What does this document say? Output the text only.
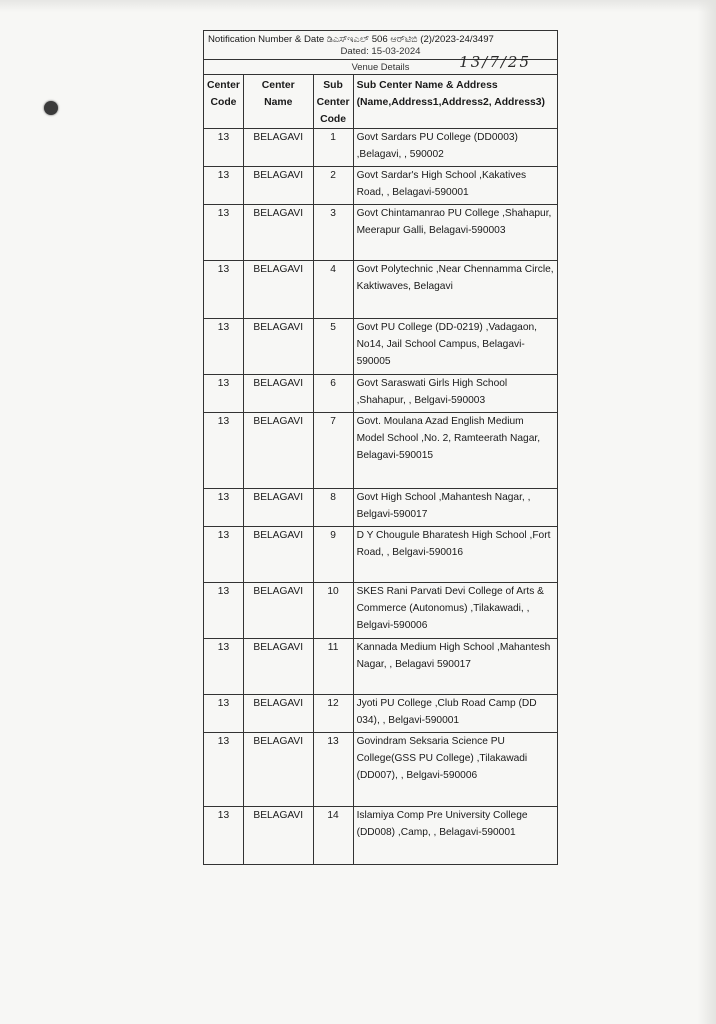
Notification Number & Date ಡಿಎಸ್ಇಎಲ್ 506 ಆರ್‌ಟಿಬಿ (2)/2023-24/3497
Dated: 15-03-2024
Venue Details	13/7/25
Center Code	Center Name	Sub Center Code	Sub Center Name & Address (Name,Address1,Address2, Address3)
13	BELAGAVI	1	Govt Sardars PU College (DD0003) ,Belagavi, , 590002
13	BELAGAVI	2	Govt Sardar's High School ,Kakatives Road, , Belagavi-590001
13	BELAGAVI	3	Govt Chintamanrao PU College ,Shahapur, Meerapur Galli, Belagavi-590003
13	BELAGAVI	4	Govt Polytechnic ,Near Chennamma Circle, Kaktiwaves, Belagavi
13	BELAGAVI	5	Govt PU College (DD-0219) ,Vadagaon, No14, Jail School Campus, Belagavi-590005
13	BELAGAVI	6	Govt Saraswati Girls High School ,Shahapur, , Belgavi-590003
13	BELAGAVI	7	Govt. Moulana Azad English Medium Model School ,No. 2, Ramteerath Nagar, Belagavi-590015
13	BELAGAVI	8	Govt High School ,Mahantesh Nagar, , Belgavi-590017
13	BELAGAVI	9	D Y Chougule Bharatesh High School ,Fort Road, , Belgavi-590016
13	BELAGAVI	10	SKES Rani Parvati Devi College of Arts & Commerce (Autonomus) ,Tilakawadi, , Belgavi-590006
13	BELAGAVI	11	Kannada Medium High School ,Mahantesh Nagar, , Belagavi 590017
13	BELAGAVI	12	Jyoti PU College ,Club Road Camp (DD 034), , Belgavi-590001
13	BELAGAVI	13	Govindram Seksaria Science PU College(GSS PU College) ,Tilakawadi (DD007), , Belgavi-590006
13	BELAGAVI	14	Islamiya Comp Pre University College (DD008) ,Camp, , Belagavi-590001
